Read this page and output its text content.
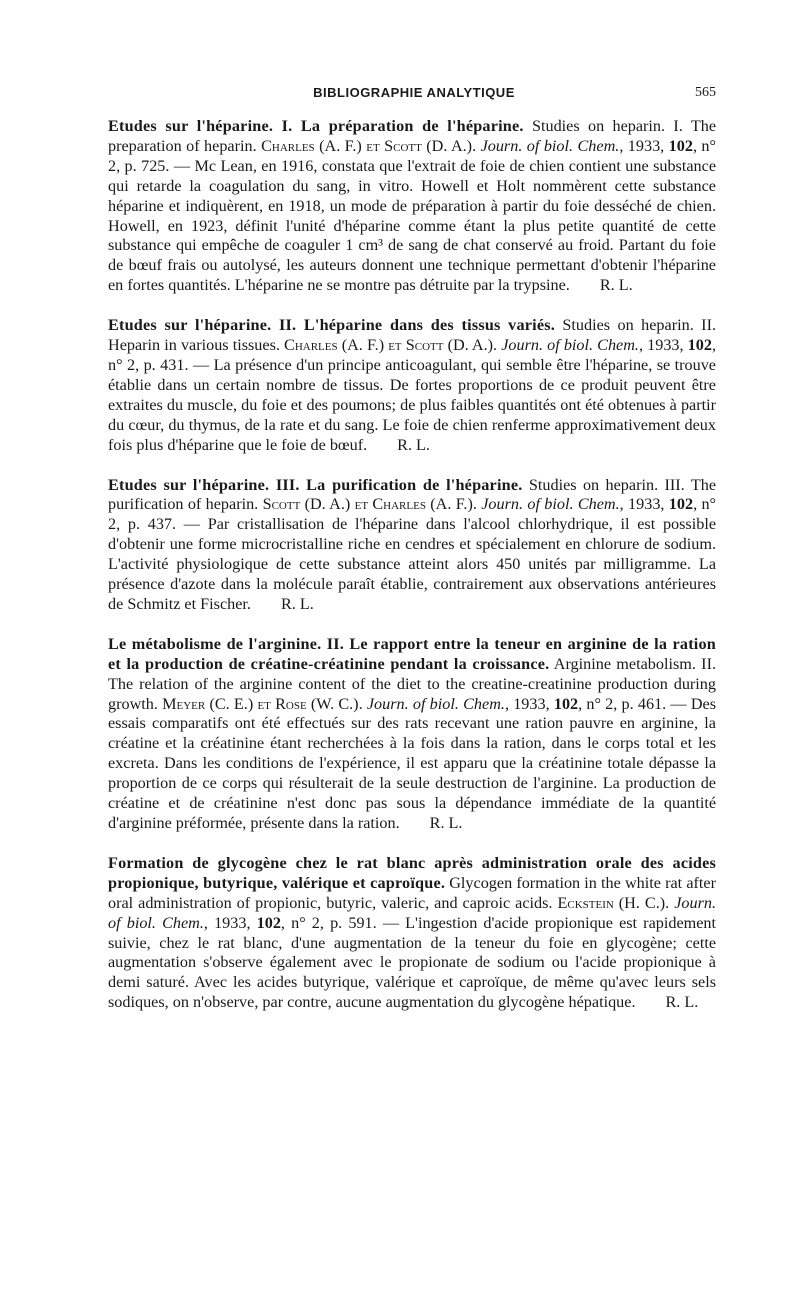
BIBLIOGRAPHIE ANALYTIQUE	565

Etudes sur l'héparine. I. La préparation de l'héparine. Studies on heparin. I. The preparation of heparin. Charles (A. F.) et Scott (D. A.). Journ. of biol. Chem., 1933, 102, n° 2, p. 725. — Mc Lean, en 1916, constata que l'extrait de foie de chien contient une substance qui retarde la coagulation du sang, in vitro. Howell et Holt nommèrent cette substance héparine et indiquèrent, en 1918, un mode de préparation à partir du foie desséché de chien. Howell, en 1923, définit l'unité d'héparine comme étant la plus petite quantité de cette substance qui empêche de coaguler 1 cm³ de sang de chat conservé au froid. Partant du foie de bœuf frais ou autolysé, les auteurs donnent une technique permettant d'obtenir l'héparine en fortes quantités. L'héparine ne se montre pas détruite par la trypsine. R. L.

Etudes sur l'héparine. II. L'héparine dans des tissus variés. Studies on heparin. II. Heparin in various tissues. Charles (A. F.) et Scott (D. A.). Journ. of biol. Chem., 1933, 102, n° 2, p. 431. — La présence d'un principe anticoagulant, qui semble être l'héparine, se trouve établie dans un certain nombre de tissus. De fortes proportions de ce produit peuvent être extraites du muscle, du foie et des poumons; de plus faibles quantités ont été obtenues à partir du cœur, du thymus, de la rate et du sang. Le foie de chien renferme approximativement deux fois plus d'héparine que le foie de bœuf. R. L.

Etudes sur l'héparine. III. La purification de l'héparine. Studies on heparin. III. The purification of heparin. Scott (D. A.) et Charles (A. F.). Journ. of biol. Chem., 1933, 102, n° 2, p. 437. — Par cristallisation de l'héparine dans l'alcool chlorhydrique, il est possible d'obtenir une forme microcristalline riche en cendres et spécialement en chlorure de sodium. L'activité physiologique de cette substance atteint alors 450 unités par milligramme. La présence d'azote dans la molécule paraît établie, contrairement aux observations antérieures de Schmitz et Fischer. R. L.

Le métabolisme de l'arginine. II. Le rapport entre la teneur en arginine de la ration et la production de créatine-créatinine pendant la croissance. Arginine metabolism. II. The relation of the arginine content of the diet to the creatine-creatinine production during growth. Meyer (C. E.) et Rose (W. C.). Journ. of biol. Chem., 1933, 102, n° 2, p. 461. — Des essais comparatifs ont été effectués sur des rats recevant une ration pauvre en arginine, la créatine et la créatinine étant recherchées à la fois dans la ration, dans le corps total et les excreta. Dans les conditions de l'expérience, il est apparu que la créatinine totale dépasse la proportion de ce corps qui résulterait de la seule destruction de l'arginine. La production de créatine et de créatinine n'est donc pas sous la dépendance immédiate de la quantité d'arginine préformée, présente dans la ration. R. L.

Formation de glycogène chez le rat blanc après administration orale des acides propionique, butyrique, valérique et caproïque. Glycogen formation in the white rat after oral administration of propionic, butyric, valeric, and caproic acids. Eckstein (H. C.). Journ. of biol. Chem., 1933, 102, n° 2, p. 591. — L'ingestion d'acide propionique est rapidement suivie, chez le rat blanc, d'une augmentation de la teneur du foie en glycogène; cette augmentation s'observe également avec le propionate de sodium ou l'acide propionique à demi saturé. Avec les acides butyrique, valérique et caproïque, de même qu'avec leurs sels sodiques, on n'observe, par contre, aucune augmentation du glycogène hépatique. R. L.
